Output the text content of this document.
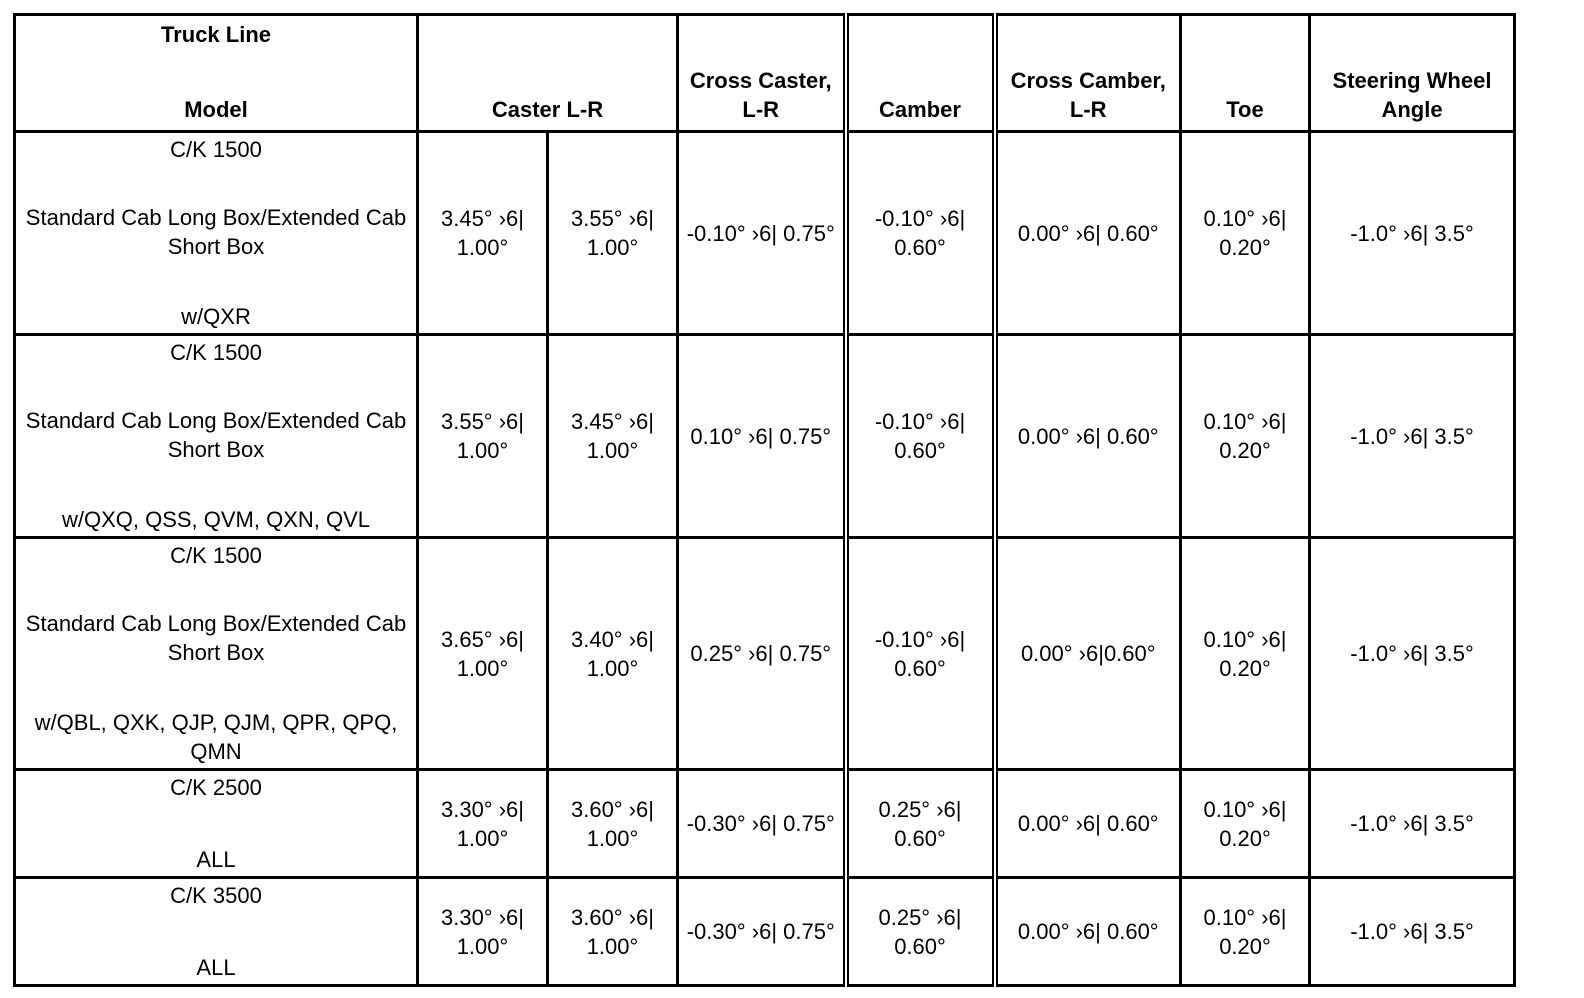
Truck Line
Model	Caster L-R		Cross Caster, L-R	Camber	Cross Camber, L-R	Toe	Steering Wheel Angle

C/K 1500
Standard Cab Long Box/Extended Cab Short Box
w/QXR	3.45° ›6| 1.00°	3.55° ›6| 1.00°	-0.10° ›6| 0.75°	-0.10° ›6| 0.60°	0.00° ›6| 0.60°	0.10° ›6| 0.20°	-1.0° ›6| 3.5°

C/K 1500
Standard Cab Long Box/Extended Cab Short Box
w/QXQ, QSS, QVM, QXN, QVL	3.55° ›6| 1.00°	3.45° ›6| 1.00°	0.10° ›6| 0.75°	-0.10° ›6| 0.60°	0.00° ›6| 0.60°	0.10° ›6| 0.20°	-1.0° ›6| 3.5°

C/K 1500
Standard Cab Long Box/Extended Cab Short Box
w/QBL, QXK, QJP, QJM, QPR, QPQ, QMN	3.65° ›6| 1.00°	3.40° ›6| 1.00°	0.25° ›6| 0.75°	-0.10° ›6| 0.60°	0.00° ›6|0.60°	0.10° ›6| 0.20°	-1.0° ›6| 3.5°

C/K 2500
ALL	3.30° ›6| 1.00°	3.60° ›6| 1.00°	-0.30° ›6| 0.75°	0.25° ›6| 0.60°	0.00° ›6| 0.60°	0.10° ›6| 0.20°	-1.0° ›6| 3.5°

C/K 3500
ALL	3.30° ›6| 1.00°	3.60° ›6| 1.00°	-0.30° ›6| 0.75°	0.25° ›6| 0.60°	0.00° ›6| 0.60°	0.10° ›6| 0.20°	-1.0° ›6| 3.5°
